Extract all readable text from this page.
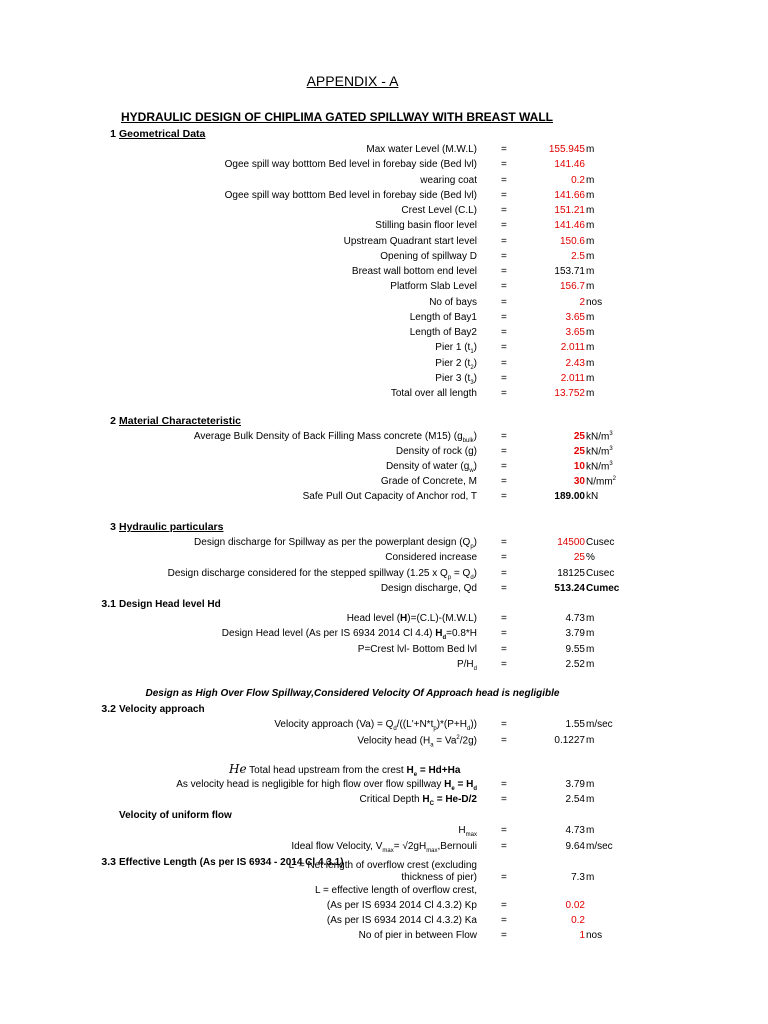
APPENDIX - A
HYDRAULIC DESIGN OF CHIPLIMA GATED SPILLWAY WITH BREAST WALL
1 Geometrical Data
Max water Level (M.W.L) =	155.945 m
Ogee spill way botttom Bed level in forebay side (Bed lvl) =	141.46
wearing coat =	0.2 m
Ogee spill way botttom Bed level in forebay side (Bed lvl) =	141.66 m
Crest Level (C.L) =	151.21 m
Stilling basin floor level =	141.46 m
Upstream Quadrant start level =	150.6 m
Opening of spillway D =	2.5 m
Breast wall bottom end level =	153.71 m
Platform Slab Level =	156.7 m
No of bays =	2 nos
Length of Bay1 =	3.65 m
Length of Bay2 =	3.65 m
Pier 1 $(t_1)$ =	2.011 m
Pier 2 $(t_2)$ =	2.43 m
Pier 3 $(t_3)$ =	2.011 m
Total over all length =	13.752 m
2 Material Characteteristic
Average Bulk Density of Back Filling Mass concrete (M15) $(g_{bulk})$ =	25 $kN/m^3$
Density of rock (g) =	25 $kN/m^3$
Density of water $(g_w)$ =	10 $kN/m^3$
Grade of Concrete, M =	30 $N/mm^2$
Safe Pull Out Capacity of Anchor rod, T =	189.00 kN
3 Hydraulic particulars
Design discharge for Spillway as per the powerplant design $(Q_p)$ =	14500 Cusec
Considered increase =	25 %
Design discharge considered for the stepped spillway (1.25 x $Q_p = Q_d$) =	18125 Cusec
Design discharge, Qd =	513.24 Cumec
3.1 Design Head level Hd
Head level (H)=(C.L)-(M.W.L) =	4.73 m
Design Head level (As per IS 6934 2014 Cl 4.4) $H_d=0.8*H$ =	3.79 m
P=Crest lvl- Bottom Bed lvl =	9.55 m
$P/H_d$ =	2.52 m
Design as High Over Flow Spillway,Considered Velocity Of Approach head is negligible
3.2 Velocity approach
Velocity approach $(Va) = Q_d/((L'+N*t_p)*(P+H_d))$ =	1.55 m/sec
Velocity head $(H_a = Va^2/2g)$ =	0.1227 m
He Total head upstream from the crest $H_e = Hd+Ha$
As velocity head is negligible for high flow over flow spillway $H_e = H_d$ =	3.79 m
Critical Depth $H_C = He-D/2$ =	2.54 m
Velocity of uniform flow
$H_{max}$ =	4.73 m
Ideal flow Velocity, $V_{max}=$ $√2gH_{max},Bernouli$ =	9.64 m/sec
3.3 Effective Length (As per IS 6934 - 2014 Cl 4.3.1)
L' = Net length of overflow crest (excluding
thickness of pier) =	7.3 m
L = effective length of overflow crest,
(As per IS 6934 2014 Cl 4.3.2) Kp =	0.02
(As per IS 6934 2014 Cl 4.3.2) Ka =	0.2
No of pier in between Flow =	1 nos
